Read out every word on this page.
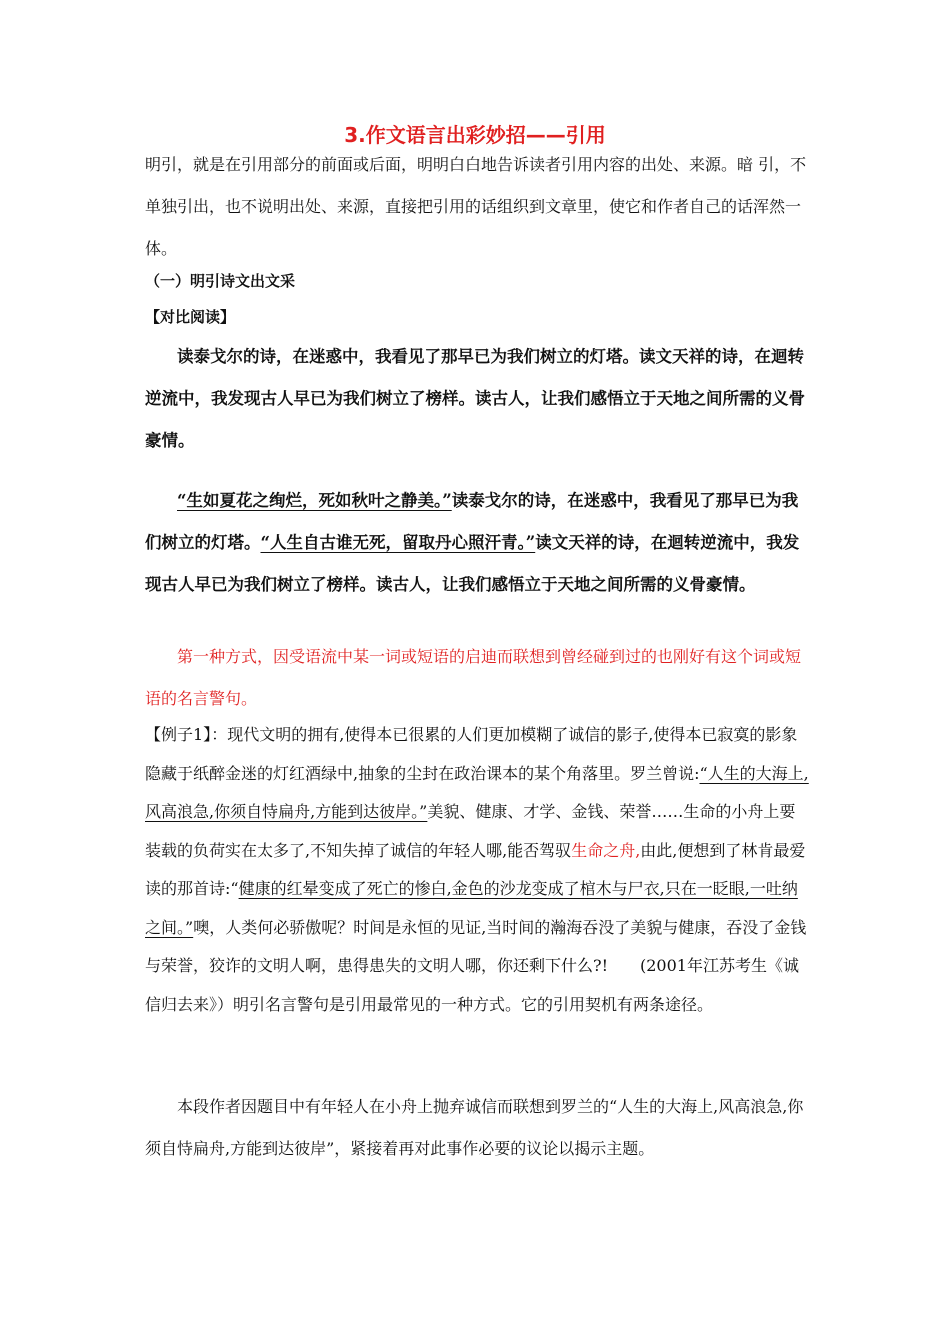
3.作文语言出彩妙招——引用
明引，就是在引用部分的前面或后面，明明白白地告诉读者引用内容的出处、来源。暗 引，不单独引出，也不说明出处、来源，直接把引用的话组织到文章里，使它和作者自己的话浑然一体。
（一）明引诗文出文采
【对比阅读】
读泰戈尔的诗，在迷惑中，我看见了那早已为我们树立的灯塔。读文天祥的诗，在迴转逆流中，我发现古人早已为我们树立了榜样。读古人，让我们感悟立于天地之间所需的义骨豪情。
“生如夏花之绚烂，死如秋叶之静美。”读泰戈尔的诗，在迷惑中，我看见了那早已为我们树立的灯塔。“人生自古谁无死，留取丹心照汗青。”读文天祥的诗，在迴转逆流中，我发现古人早已为我们树立了榜样。读古人，让我们感悟立于天地之间所需的义骨豪情。
第一种方式，因受语流中某一词或短语的启迪而联想到曾经碰到过的也刚好有这个词或短语的名言警句。
【例子1】：现代文明的拥有,使得本已很累的人们更加模糊了诚信的影子,使得本已寂寞的影象隐藏于纸醉金迷的灯红酒绿中,抽象的尘封在政治课本的某个角落里。罗兰曾说:“人生的大海上,风高浪急,你须自恃扁舟,方能到达彼岸。”美貌、健康、才学、金钱、荣誉……生命的小舟上要装载的负荷实在太多了,不知失掉了诚信的年轻人哪,能否驾驭生命之舟,由此,便想到了林肯最爱读的那首诗:“健康的红晕变成了死亡的惨白,金色的沙龙变成了棺木与尸衣,只在一眨眼,一吐纳之间。”噢，人类何必骄傲呢？时间是永恒的见证,当时间的瀚海吞没了美貌与健康，吞没了金钱与荣誉，狡诈的文明人啊，患得患失的文明人哪，你还剩下什么?!　　(2001年江苏考生《诚信归去来》）明引名言警句是引用最常见的一种方式。它的引用契机有两条途径。
本段作者因题目中有年轻人在小舟上抛弃诚信而联想到罗兰的“人生的大海上,风高浪急,你须自恃扁舟,方能到达彼岸”，紧接着再对此事作必要的议论以揭示主题。
